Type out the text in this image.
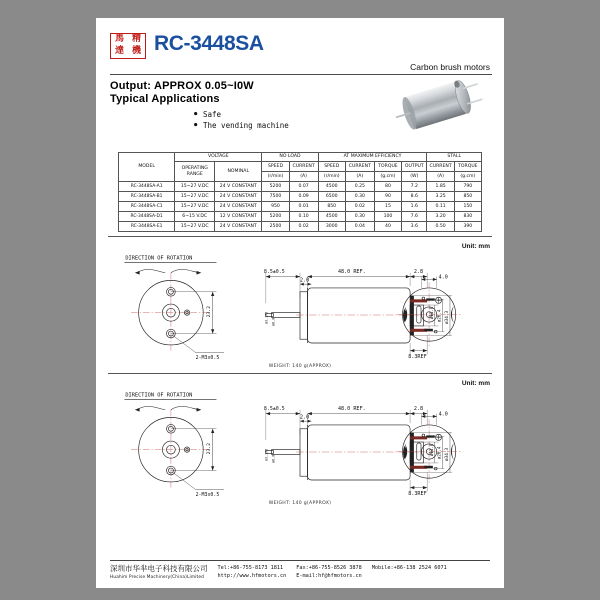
馬 精
達 機 RC-3448SA
Carbon brush motors
Output: APPROX 0.05~I0W
Typical Applications
● Safe
● The vending machine
MODEL	VOLTAGE		NO LOAD		AT MAXIMUM EFFICIENCY				STALL	
	OPERATING RANGE	NOMINAL	SPEED	CURRENT	SPEED	CURRENT	TORQUE	OUTPUT	CURRENT	TORQUE
			(r/min)	(A)	(r/min)	(A)	(g.cm)	(W)	(A)	(g.cm)
RC-3448SA-A1	15~27 V.DC	24 V CONSTANT	5200	0.07	4500	0.25	80	7.2	1.85	790
RC-3448SA-B1	15~27 V.DC	24 V CONSTANT	7500	0.09	6500	0.30	90	8.6	3.25	850
RC-3448SA-C1	15~27 V.DC	24 V CONSTANT	950	0.01	850	0.02	15	1.6	0.11	150
RC-3448SA-D1	6~15 V.DC	12 V CONSTANT	5200	0.10	4500	0.30	100	7.6	3.20	830
RC-3448SA-E1	15~27 V.DC	24 V CONSTANT	2500	0.02	3000	0.04	40	3.6	0.50	390
Unit: mm
DIRECTION OF ROTATION
23.2
2-M3x0.5
8.5±0.5	48.0 REF.	2.8
2.0
ø3.175 ø6.0
ø11.0 ø26.4 ø34.3
8.3REF
4.0
WEIGHT: 140 g(APPROX)
Unit: mm
DIRECTION OF ROTATION
23.2
2-M3x0.5
8.5±0.5	48.0 REF.	2.8
2.0
ø3.175 ø6.0
ø11.0 ø26.4 ø34.3
8.3REF
4.0
WEIGHT: 140 g(APPROX)
深圳市华芈电子科技有限公司
Huahim Precise Machinery(China)Limited
Tel:+86-755-8173 1811
http://www.hfmotors.cn
Fax:+86-755-8526 3878
E-mail:hf@hfmotors.cn
Mobile:+86-138 2524 6071
